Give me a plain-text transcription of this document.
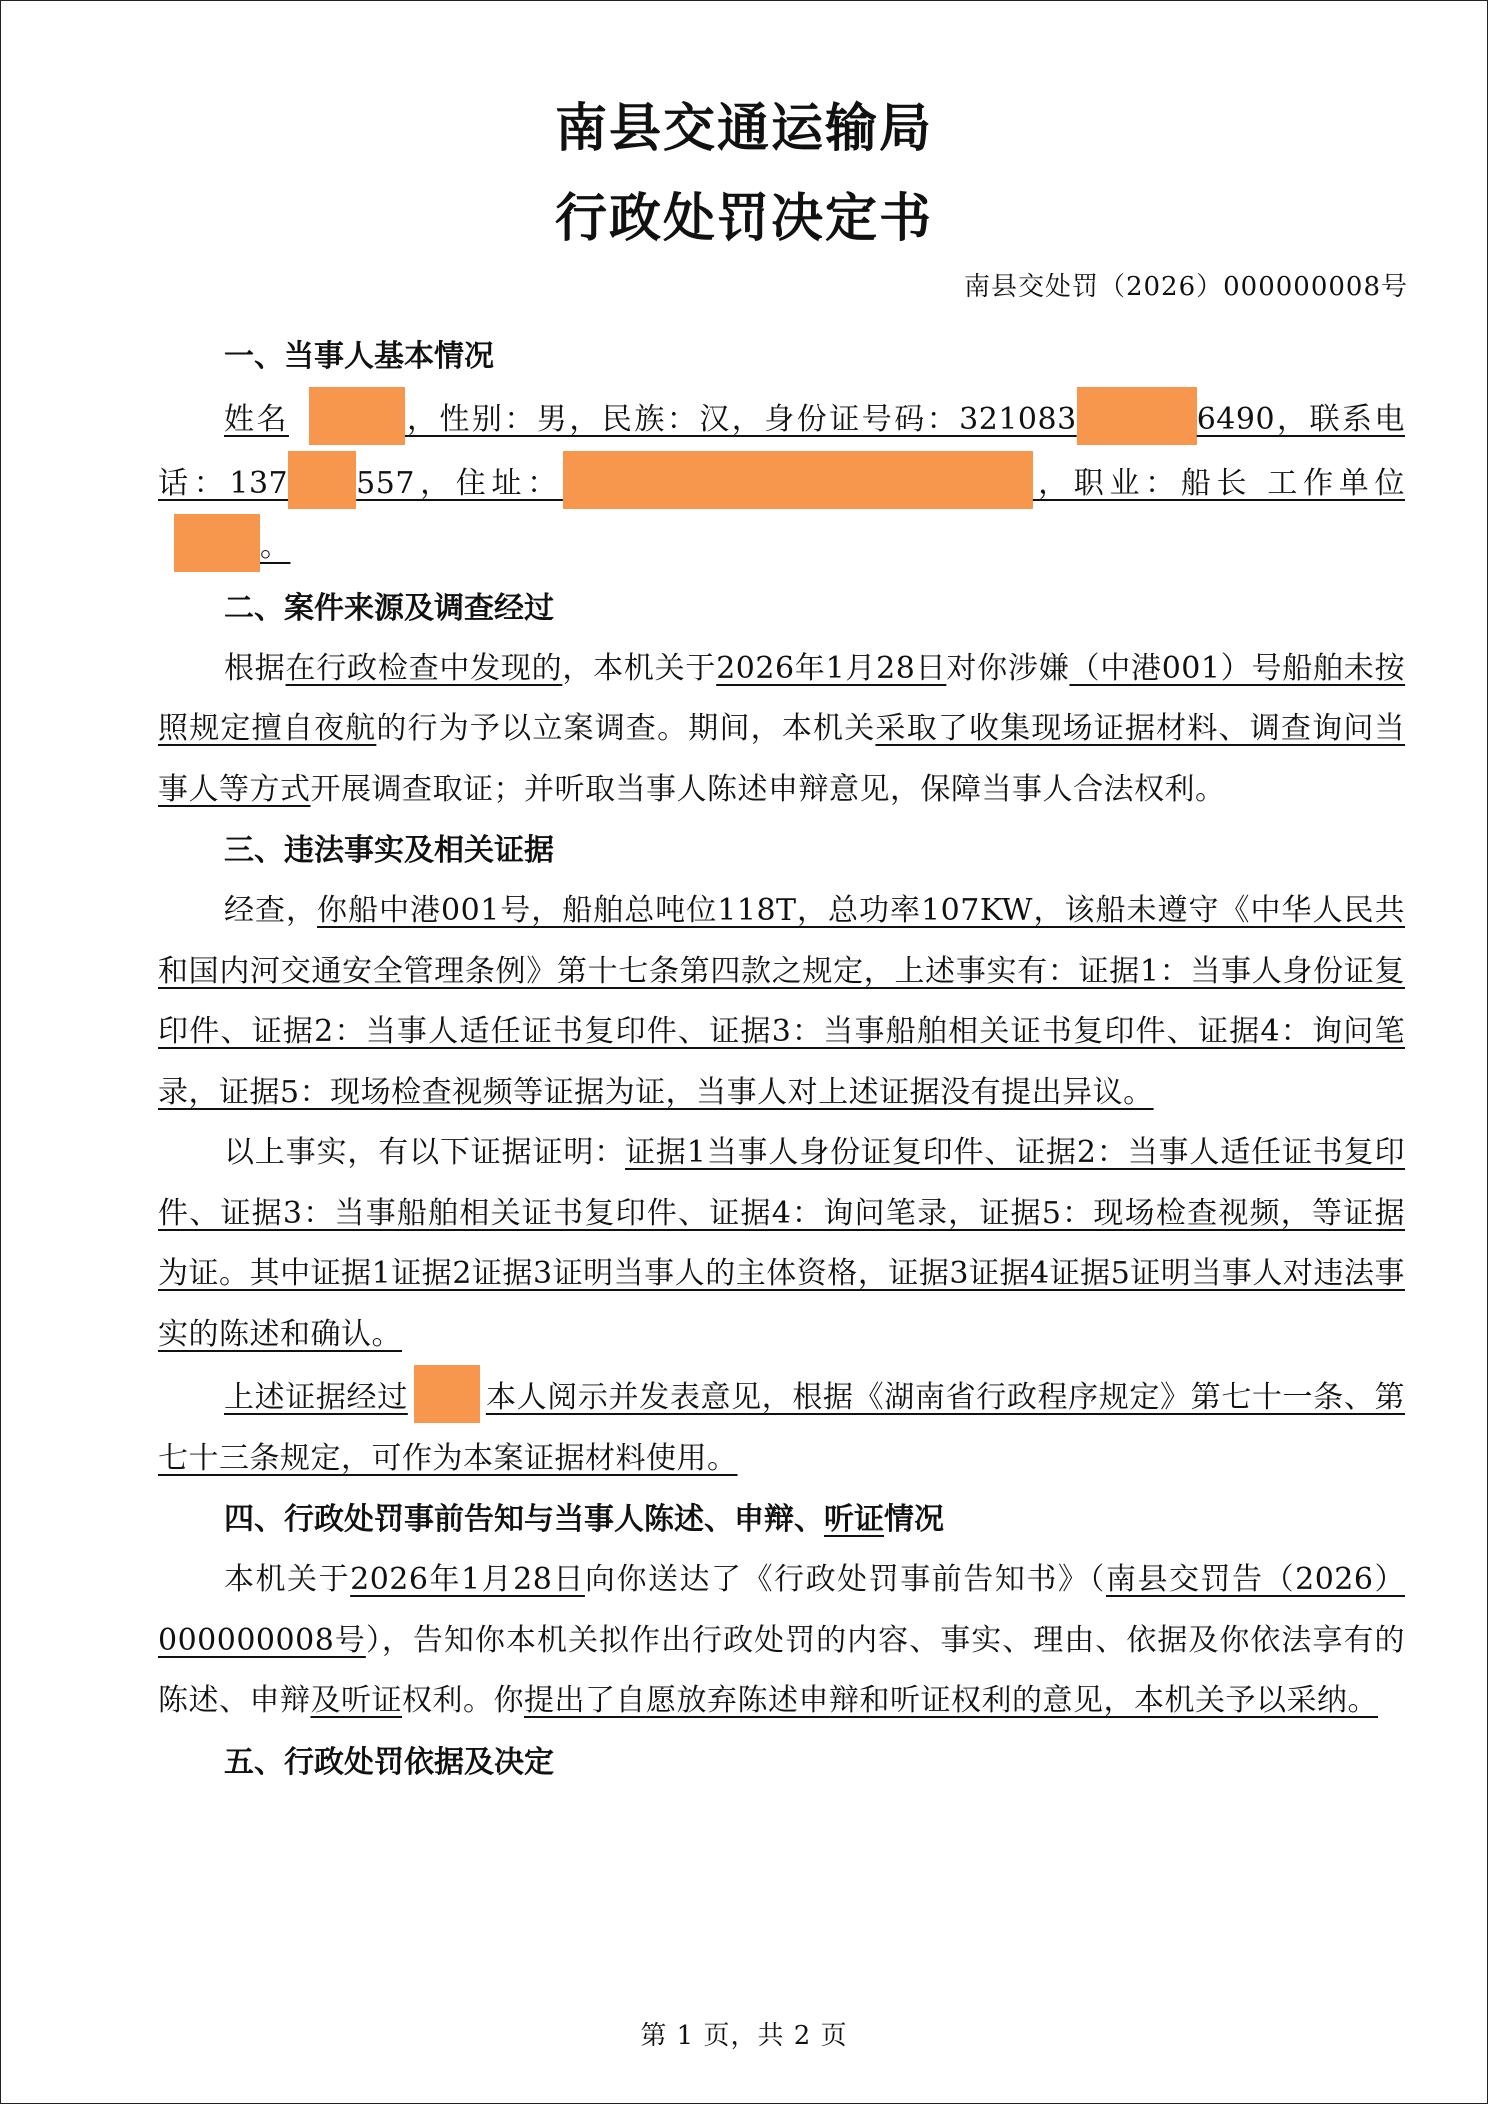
南县交通运输局
行政处罚决定书
南县交处罚（2026）000000008号
一、当事人基本情况

姓名	，性别：男，民族：汉，身份证号码：321083	6490，联系电话：137 557，住址：	，职业：船长 工作单位。

二、案件来源及调查经过

根据在行政检查中发现的，本机关于2026年1月28日对你涉嫌（中港001）号船舶未按照规定擅自夜航的行为予以立案调查。期间，本机关采取了收集现场证据材料、调查询问当事人等方式开展调查取证；并听取当事人陈述申辩意见，保障当事人合法权利。

三、违法事实及相关证据

经查，你船中港001号，船舶总吨位118T，总功率107KW，该船未遵守《中华人民共和国内河交通安全管理条例》第十七条第四款之规定，上述事实有：证据1：当事人身份证复印件、证据2：当事人适任证书复印件、证据3：当事船舶相关证书复印件、证据4：询问笔录，证据5：现场检查视频等证据为证，当事人对上述证据没有提出异议。

以上事实，有以下证据证明：证据1当事人身份证复印件、证据2：当事人适任证书复印件、证据3：当事船舶相关证书复印件、证据4：询问笔录，证据5：现场检查视频，等证据为证。其中证据1证据2证据3证明当事人的主体资格，证据3证据4证据5证明当事人对违法事实的陈述和确认。

上述证据经过	本人阅示并发表意见，根据《湖南省行政程序规定》第七十一条、第七十三条规定，可作为本案证据材料使用。

四、行政处罚事前告知与当事人陈述、申辩、听证情况

本机关于2026年1月28日向你送达了《行政处罚事前告知书》（南县交罚告（2026）000000008号），告知你本机关拟作出行政处罚的内容、事实、理由、依据及你依法享有的陈述、申辩及听证权利。你提出了自愿放弃陈述申辩和听证权利的意见，本机关予以采纳。

五、行政处罚依据及决定
第 1 页，共 2 页
